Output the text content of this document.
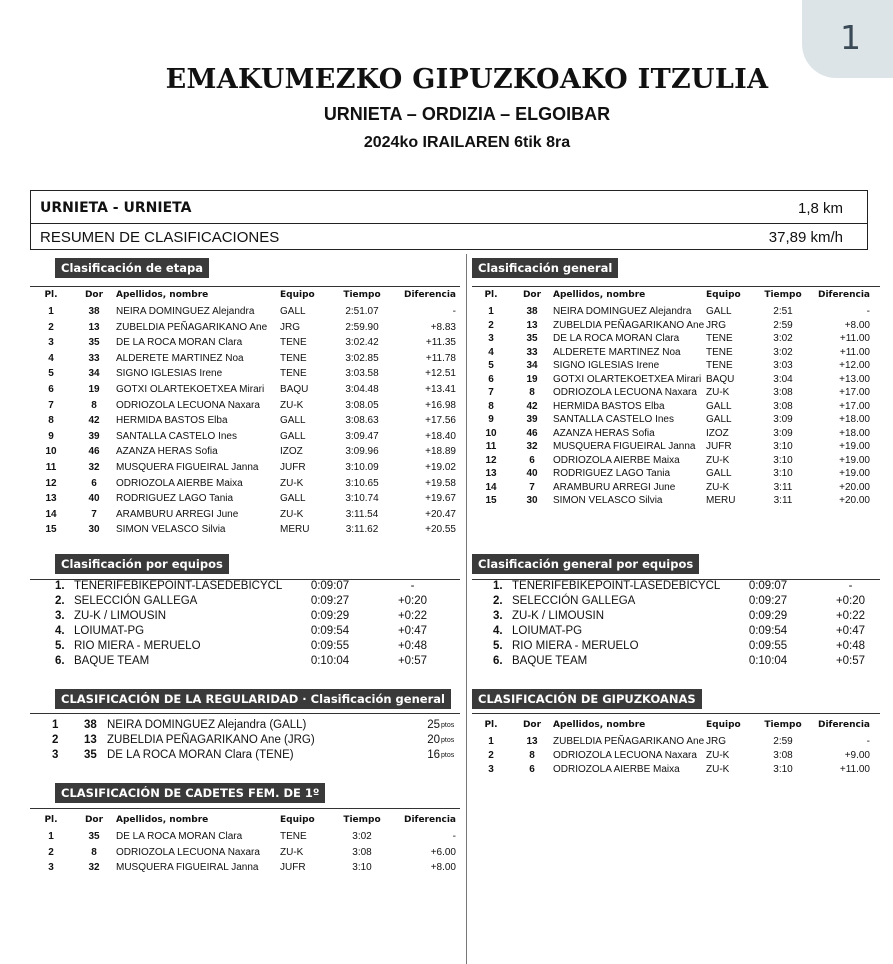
1
EMAKUMEZKO GIPUZKOAKO ITZULIA
URNIETA – ORDIZIA – ELGOIBAR
2024ko IRAILAREN 6tik 8ra
URNIETA - URNIETA	1,8 km
RESUMEN DE CLASIFICACIONES	37,89 km/h
Clasificación de etapa	Clasificación general
Clasificación por equipos	Clasificación general por equipos
CLASIFICACIÓN DE LA REGULARIDAD · Clasificación general	CLASIFICACIÓN DE GIPUZKOANAS
CLASIFICACIÓN DE CADETES FEM. DE 1º
Pl.	Dor	Apellidos, nombre	Equipo	Tiempo	Diferencia
1	38	NEIRA DOMINGUEZ Alejandra	GALL	2:51.07	-
2	13	ZUBELDIA PEÑAGARIKANO Ane	JRG	2:59.90	+8.83
3	35	DE LA ROCA MORAN Clara	TENE	3:02.42	+11.35
4	33	ALDERETE MARTINEZ Noa	TENE	3:02.85	+11.78
5	34	SIGNO IGLESIAS Irene	TENE	3:03.58	+12.51
6	19	GOTXI OLARTEKOETXEA Mirari	BAQU	3:04.48	+13.41
7	8	ODRIOZOLA LECUONA Naxara	ZU-K	3:08.05	+16.98
8	42	HERMIDA BASTOS Elba	GALL	3:08.63	+17.56
9	39	SANTALLA CASTELO Ines	GALL	3:09.47	+18.40
10	46	AZANZA HERAS Sofia	IZOZ	3:09.96	+18.89
11	32	MUSQUERA FIGUEIRAL Janna	JUFR	3:10.09	+19.02
12	6	ODRIOZOLA AIERBE Maixa	ZU-K	3:10.65	+19.58
13	40	RODRIGUEZ LAGO Tania	GALL	3:10.74	+19.67
14	7	ARAMBURU ARREGI June	ZU-K	3:11.54	+20.47
15	30	SIMON VELASCO Silvia	MERU	3:11.62	+20.55
Pl.	Dor	Apellidos, nombre	Equipo	Tiempo	Diferencia
1	38	NEIRA DOMINGUEZ Alejandra	GALL	2:51	-
2	13	ZUBELDIA PEÑAGARIKANO Ane JRG	2:59	+8.00
3	35	DE LA ROCA MORAN Clara	TENE	3:02	+11.00
4	33	ALDERETE MARTINEZ Noa	TENE	3:02	+11.00
5	34	SIGNO IGLESIAS Irene	TENE	3:03	+12.00
6	19	GOTXI OLARTEKOETXEA Mirari BAQU	3:04	+13.00
7	8	ODRIOZOLA LECUONA Naxara ZU-K	3:08	+17.00
8	42	HERMIDA BASTOS Elba	GALL	3:08	+17.00
9	39	SANTALLA CASTELO Ines	GALL	3:09	+18.00
10	46	AZANZA HERAS Sofia	IZOZ	3:09	+18.00
11	32	MUSQUERA FIGUEIRAL Janna	JUFR	3:10	+19.00
12	6	ODRIOZOLA AIERBE Maixa	ZU-K	3:10	+19.00
13	40	RODRIGUEZ LAGO Tania	GALL	3:10	+19.00
14	7	ARAMBURU ARREGI June	ZU-K	3:11	+20.00
15	30	SIMON VELASCO Silvia	MERU	3:11	+20.00
Pl.	Dor	Apellidos, nombre	Equipo	Tiempo	Diferencia
1	13	ZUBELDIA PEÑAGARIKANO Ane JRG	2:59	-
2	8	ODRIOZOLA LECUONA Naxara ZU-K	3:08	+9.00
3	6	ODRIOZOLA AIERBE Maixa	ZU-K	3:10	+11.00
Pl.	Dor	Apellidos, nombre	Equipo	Tiempo	Diferencia
1	35	DE LA ROCA MORAN Clara	TENE	3:02	-
2	8	ODRIOZOLA LECUONA Naxara	ZU-K	3:08	+6.00
3	32	MUSQUERA FIGUEIRAL Janna	JUFR	3:10	+8.00
1. TENERIFEBIKEPOINT-LASEDEBICYCL	0:09:07	-
2. SELECCIÓN GALLEGA	0:09:27	+0:20
3. ZU-K / LIMOUSIN	0:09:29	+0:22
4. LOIUMAT-PG	0:09:54	+0:47
5. RIO MIERA - MERUELO	0:09:55	+0:48
6. BAQUE TEAM	0:10:04	+0:57
1. TENERIFEBIKEPOINT-LASEDEBICYCL	0:09:07	-
2. SELECCIÓN GALLEGA	0:09:27	+0:20
3. ZU-K / LIMOUSIN	0:09:29	+0:22
4. LOIUMAT-PG	0:09:54	+0:47
5. RIO MIERA - MERUELO	0:09:55	+0:48
6. BAQUE TEAM	0:10:04	+0:57
1	38 NEIRA DOMINGUEZ Alejandra (GALL)	25 ptos
2	13 ZUBELDIA PEÑAGARIKANO Ane (JRG)	20 ptos
3	35 DE LA ROCA MORAN Clara (TENE)	16 ptos
